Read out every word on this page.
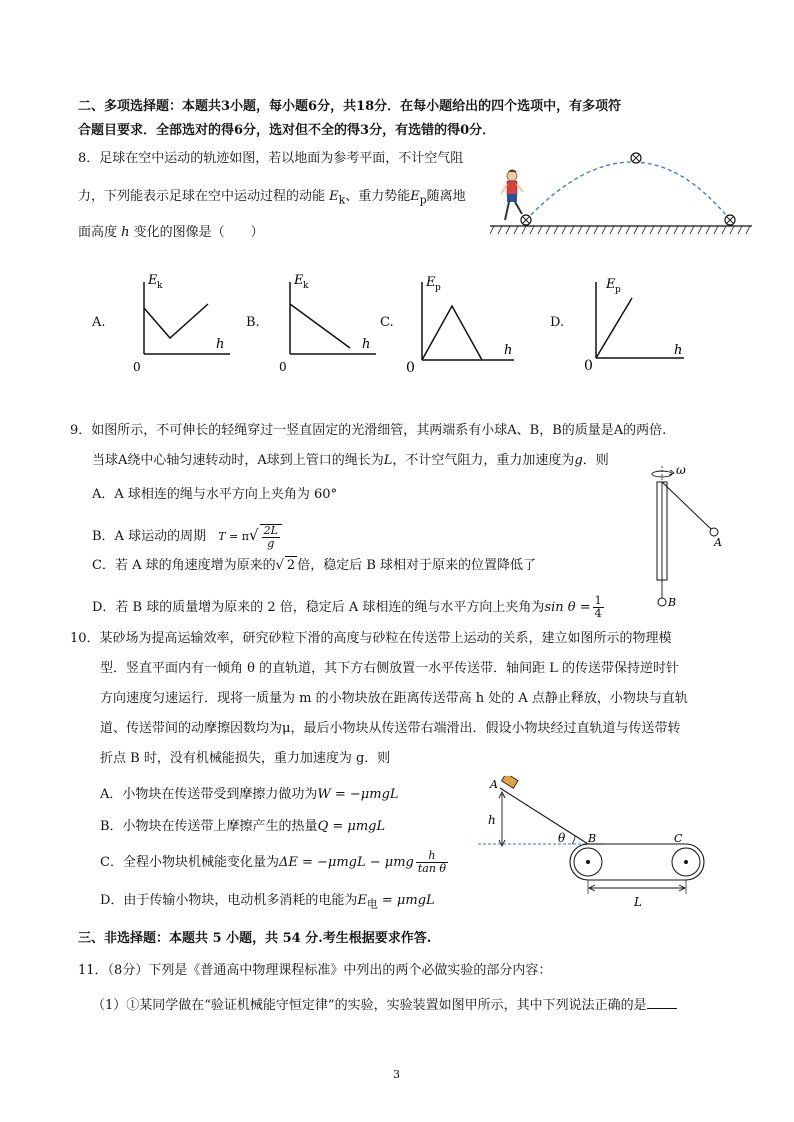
二、多项选择题：本题共3小题，每小题6分，共18分．在每小题给出的四个选项中，有多项符
合题目要求．全部选对的得6分，选对但不全的得3分，有选错的得0分．
8．足球在空中运动的轨迹如图，若以地面为参考平面，不计空气阻
力，下列能表示足球在空中运动过程的动能 $E_k$、重力势能$E_p$随离地
面高度 h 变化的图像是（　　）
A.
E k
h
0
B.
E k
h
0
C.
E p
h
0
D.
E p
h
0
9．如图所示，不可伸长的轻绳穿过一竖直固定的光滑细管，其两端系有小球A、B，B的质量是A的两倍.
当球A绕中心轴匀速转动时，A球到上管口的绳长为L，不计空气阻力，重力加速度为g．则
A．A 球相连的绳与水平方向上夹角为 60°
B．A 球运动的周期 $T = \pi√ \frac{2L}{g}$
C．若 A 球的角速度增为原来的√ 2 倍，稳定后 B 球相对于原来的位置降低了
D．若 B 球的质量增为原来的 2 倍，稳定后 A 球相连的绳与水平方向上夹角为$\sin \theta = \frac{1}{4}$
ω
A
B
10．某砂场为提高运输效率，研究砂粒下滑的高度与砂粒在传送带上运动的关系，建立如图所示的物理模
型．竖直平面内有一倾角 θ 的直轨道，其下方右侧放置一水平传送带．轴间距 L 的传送带保持逆时针
方向速度匀速运行．现将一质量为 m 的小物块放在距离传送带高 h 处的 A 点静止释放，小物块与直轨
道、传送带间的动摩擦因数均为μ，最后小物块从传送带右端滑出．假设小物块经过直轨道与传送带转
折点 B 时，没有机械能损失，重力加速度为 g．则
A．小物块在传送带受到摩擦力做功为W = −μmgL
B．小物块在传送带上摩擦产生的热量Q = μmgL
C．全程小物块机械能变化量为ΔE = −μmgL − μmg $\frac{h}{\text{tan θ}}$
D．由于传输小物块，电动机多消耗的电能为$E_电 = \mu mgL$
A
h
θ B	C
L
三、非选择题：本题共 5 小题，共 54 分.考生根据要求作答.
11．（8分）下列是《普通高中物理课程标准》中列出的两个必做实验的部分内容：
（1）①某同学做在“验证机械能守恒定律”的实验，实验装置如图甲所示，其中下列说法正确的是
3
